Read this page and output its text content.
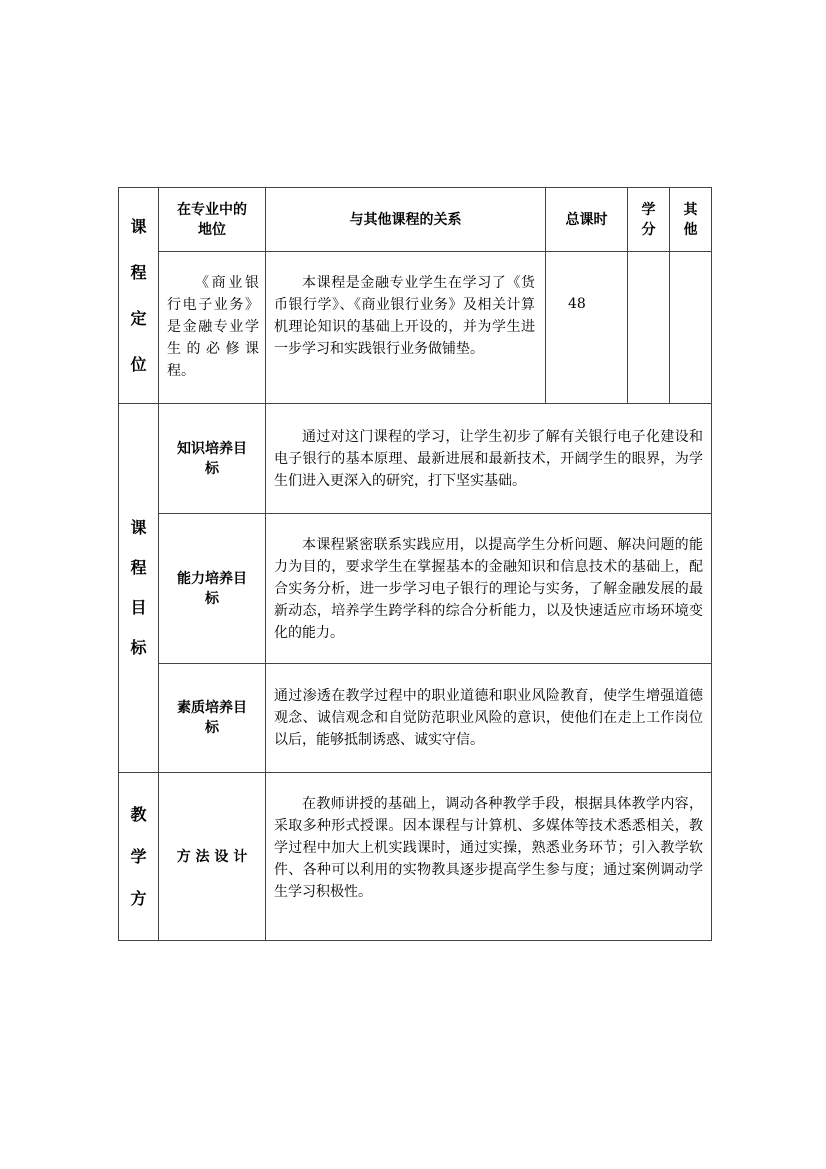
课
程
定
位	在专业中的地位	与其他课程的关系	总课时	学分	其他

	《商业银行电子业务》是金融专业学生的必修课程。	本课程是金融专业学生在学习了《货币银行学》、《商业银行业务》及相关计算机理论知识的基础上开设的，并为学生进一步学习和实践银行业务做铺垫。	48		

课
程
目
标	知识培养目标	通过对这门课程的学习，让学生初步了解有关银行电子化建设和电子银行的基本原理、最新进展和最新技术，开阔学生的眼界，为学生们进入更深入的研究，打下坚实基础。			

	能力培养目标	本课程紧密联系实践应用，以提高学生分析问题、解决问题的能力为目的，要求学生在掌握基本的金融知识和信息技术的基础上，配合实务分析，进一步学习电子银行的理论与实务，了解金融发展的最新动态，培养学生跨学科的综合分析能力，以及快速适应市场环境变化的能力。			

	素质培养目标	通过渗透在教学过程中的职业道德和职业风险教育，使学生增强道德观念、诚信观念和自觉防范职业风险的意识，使他们在走上工作岗位以后，能够抵制诱惑、诚实守信。			

教
学
方	方 法 设 计	在教师讲授的基础上，调动各种教学手段，根据具体教学内容，采取多种形式授课。因本课程与计算机、多媒体等技术悉悉相关，教学过程中加大上机实践课时，通过实操，熟悉业务环节；引入教学软件、各种可以利用的实物教具逐步提高学生参与度；通过案例调动学生学习积极性。			
